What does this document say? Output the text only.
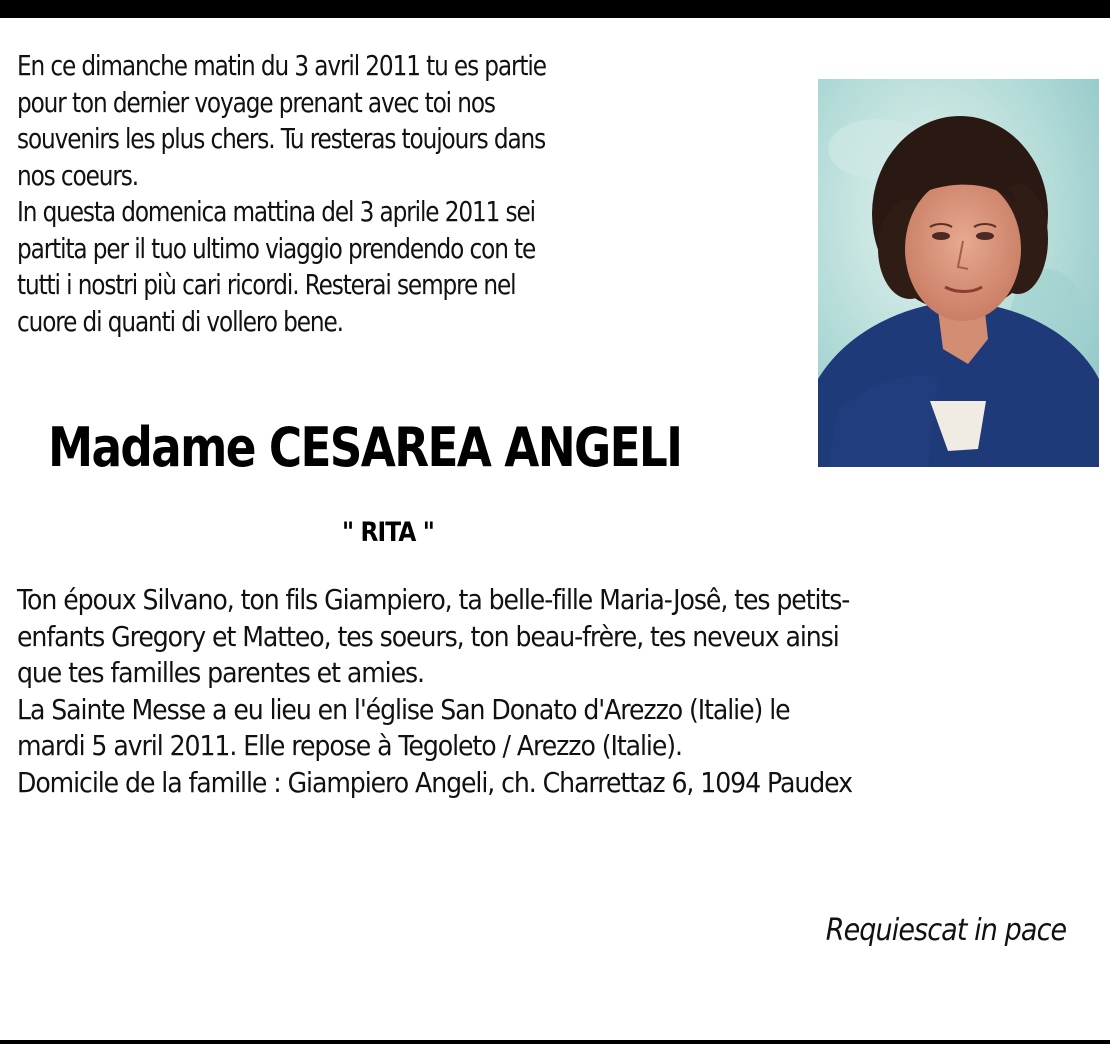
En ce dimanche matin du 3 avril 2011 tu es partie

pour ton dernier voyage prenant avec toi nos

souvenirs les plus chers. Tu resteras toujours dans

nos coeurs.

In questa domenica mattina del 3 aprile 2011 sei

partita per il tuo ultimo viaggio prendendo con te

tutti i nostri più cari ricordi. Resterai sempre nel

cuore di quanti di vollero bene.

Madame CESAREA ANGELI
" RITA "

Ton époux Silvano, ton fils Giampiero, ta belle-fille Maria-Josê, tes petits-

enfants Gregory et Matteo, tes soeurs, ton beau-frère, tes neveux ainsi

que tes familles parentes et amies.

La Sainte Messe a eu lieu en l'église San Donato d'Arezzo (Italie) le

mardi 5 avril 2011. Elle repose à Tegoleto / Arezzo (Italie).

Domicile de la famille : Giampiero Angeli, ch. Charrettaz 6, 1094 Paudex

Requiescat in pace
